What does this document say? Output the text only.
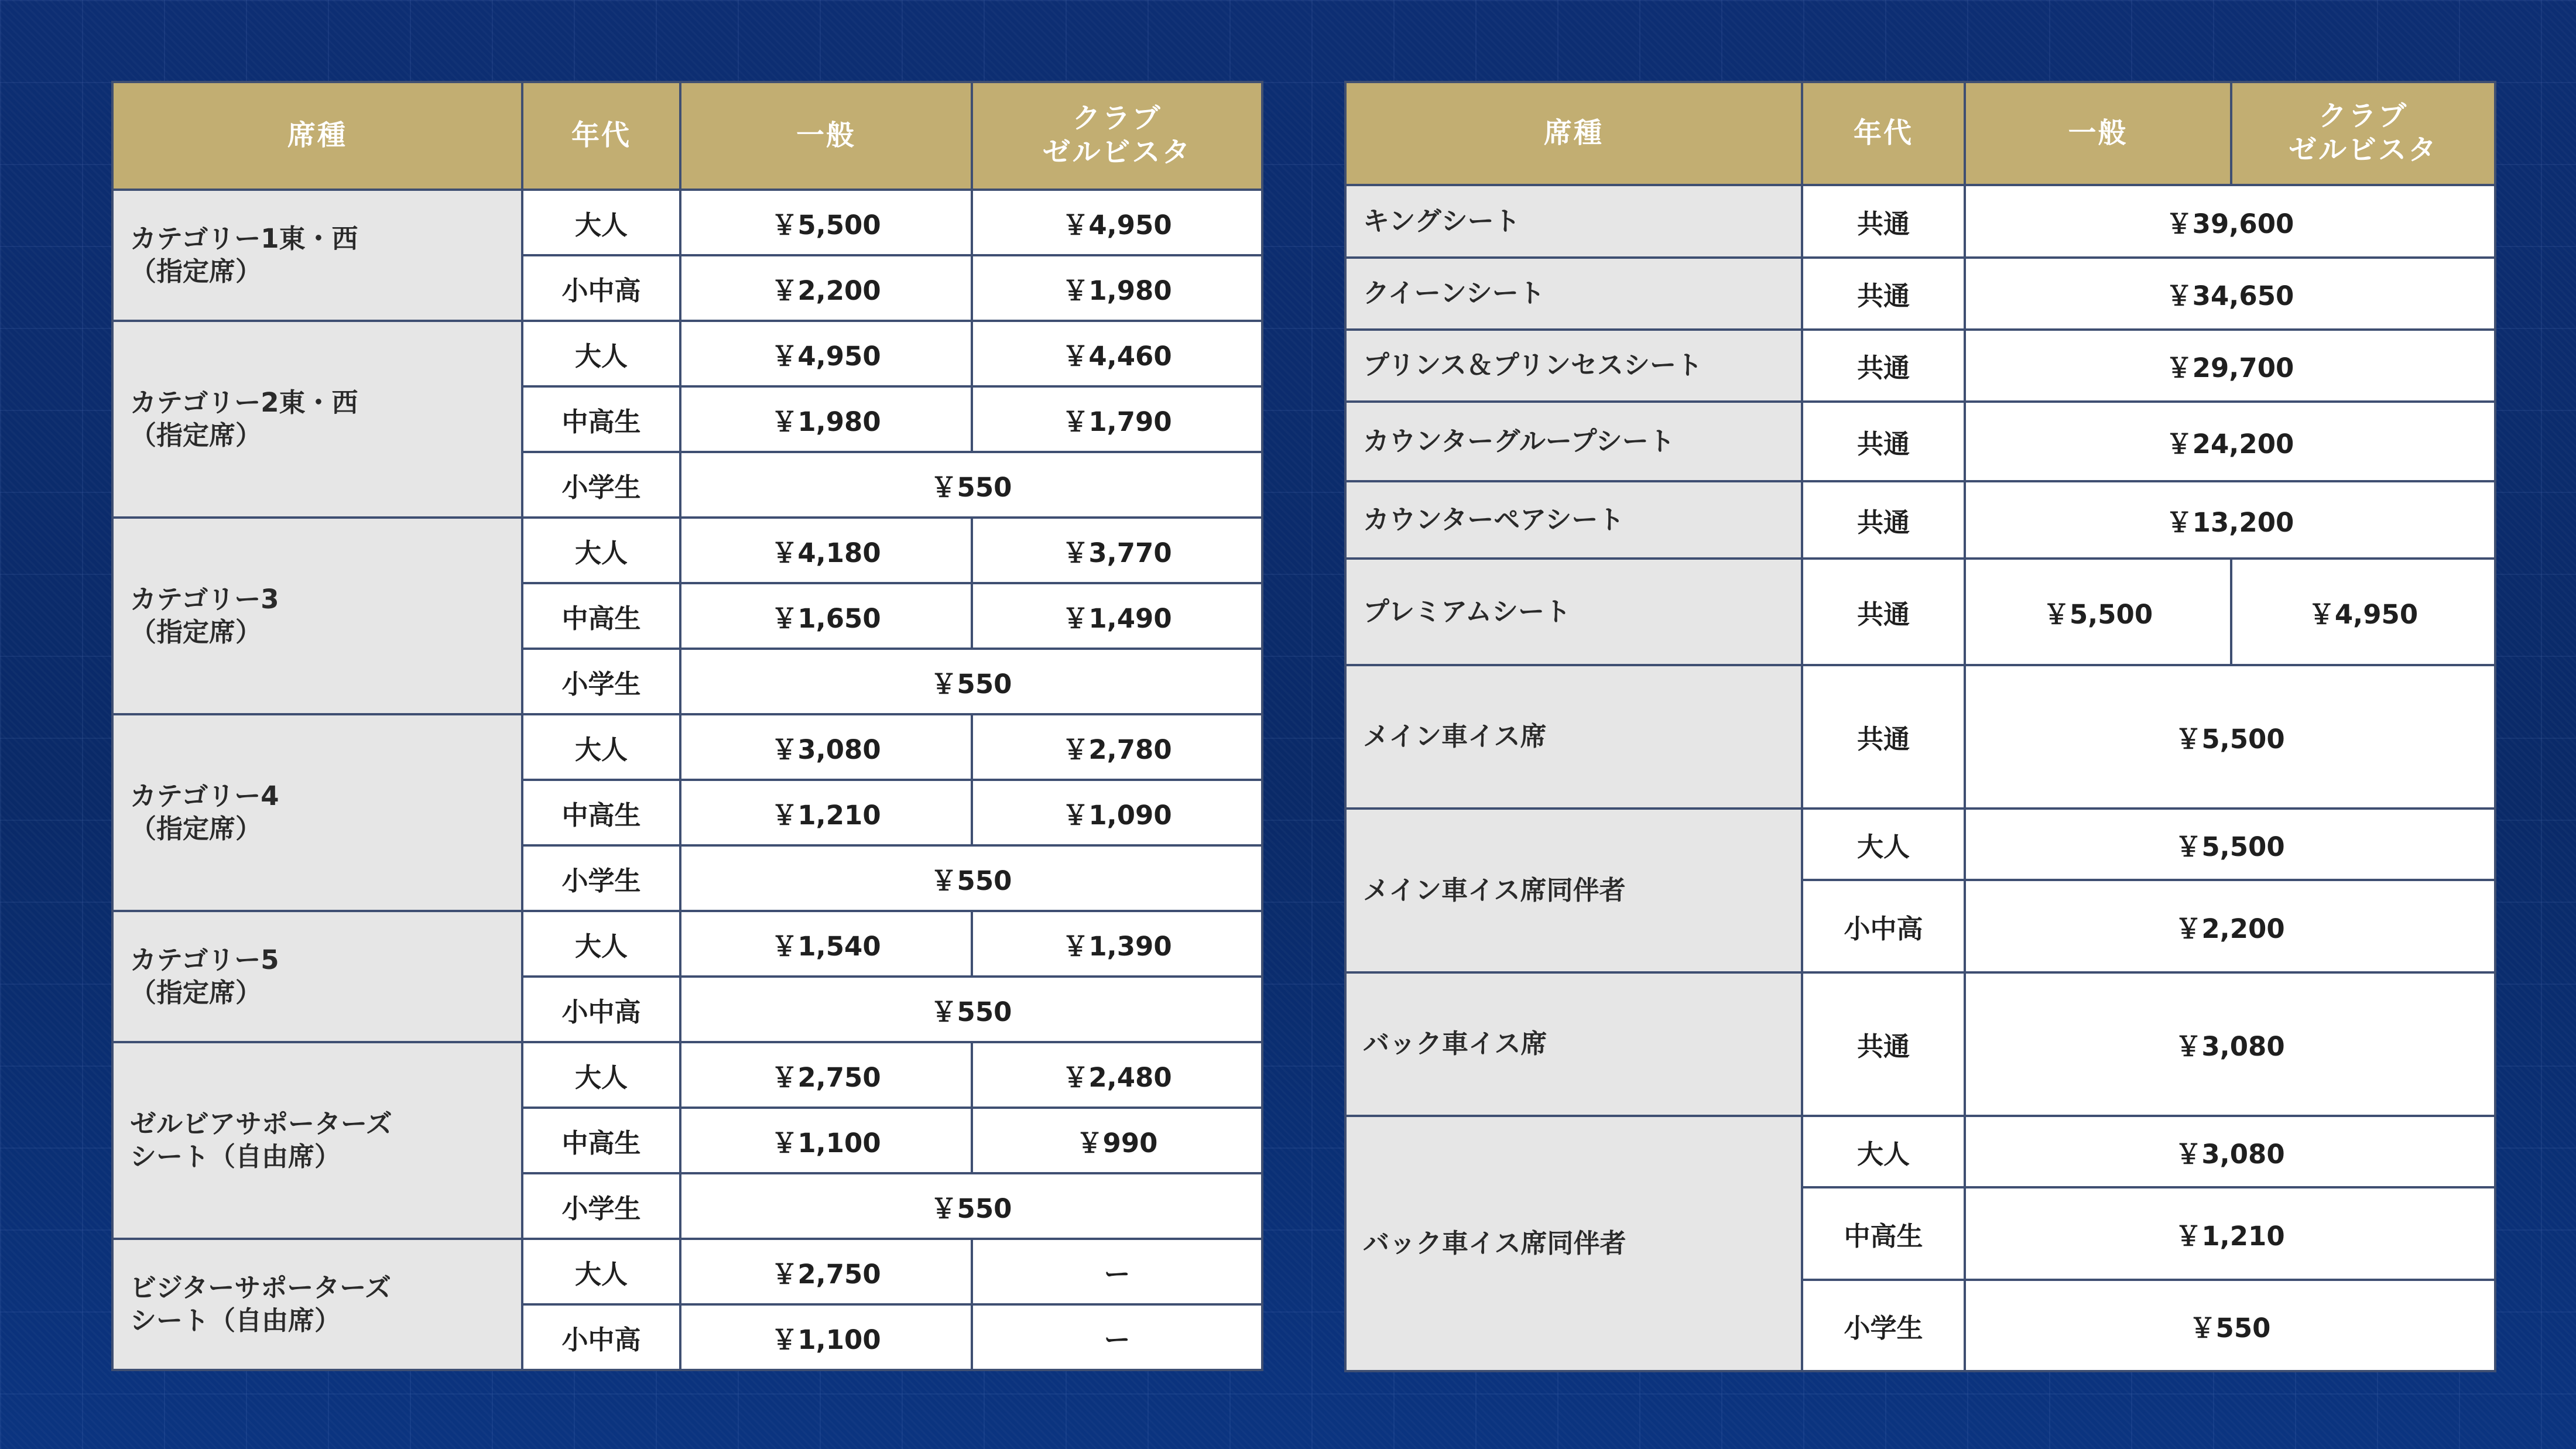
席種	年代	一般	クラブ
ゼルビスタ
カテゴリー1東・西
（指定席）	大人	￥5,500	￥4,950
	小中高	￥2,200	￥1,980
カテゴリー2東・西
（指定席）	大人	￥4,950	￥4,460
	中高生	￥1,980	￥1,790
	小学生	￥550	
カテゴリー3
（指定席）	大人	￥4,180	￥3,770
	中高生	￥1,650	￥1,490
	小学生	￥550	
カテゴリー4
（指定席）	大人	￥3,080	￥2,780
	中高生	￥1,210	￥1,090
	小学生	￥550	
カテゴリー5
（指定席）	大人	￥1,540	￥1,390
	小中高	￥550	
ゼルビアサポーターズ
シート（自由席）	大人	￥2,750	￥2,480
	中高生	￥1,100	￥990
	小学生	￥550	
ビジターサポーターズ
シート（自由席）	大人	￥2,750	ー
	小中高	￥1,100	ー
席種	年代	一般	クラブ
ゼルビスタ
キングシート	共通	￥39,600	
クイーンシート	共通	￥34,650	
プリンス＆プリンセスシート	共通	￥29,700	
カウンターグループシート	共通	￥24,200	
カウンターペアシート	共通	￥13,200	
プレミアムシート	共通	￥5,500	￥4,950
メイン車イス席	共通	￥5,500	
メイン車イス席同伴者	大人	￥5,500	
	小中高	￥2,200	
バック車イス席	共通	￥3,080	
バック車イス席同伴者	大人	￥3,080	
	中高生	￥1,210	
	小学生	￥550	
